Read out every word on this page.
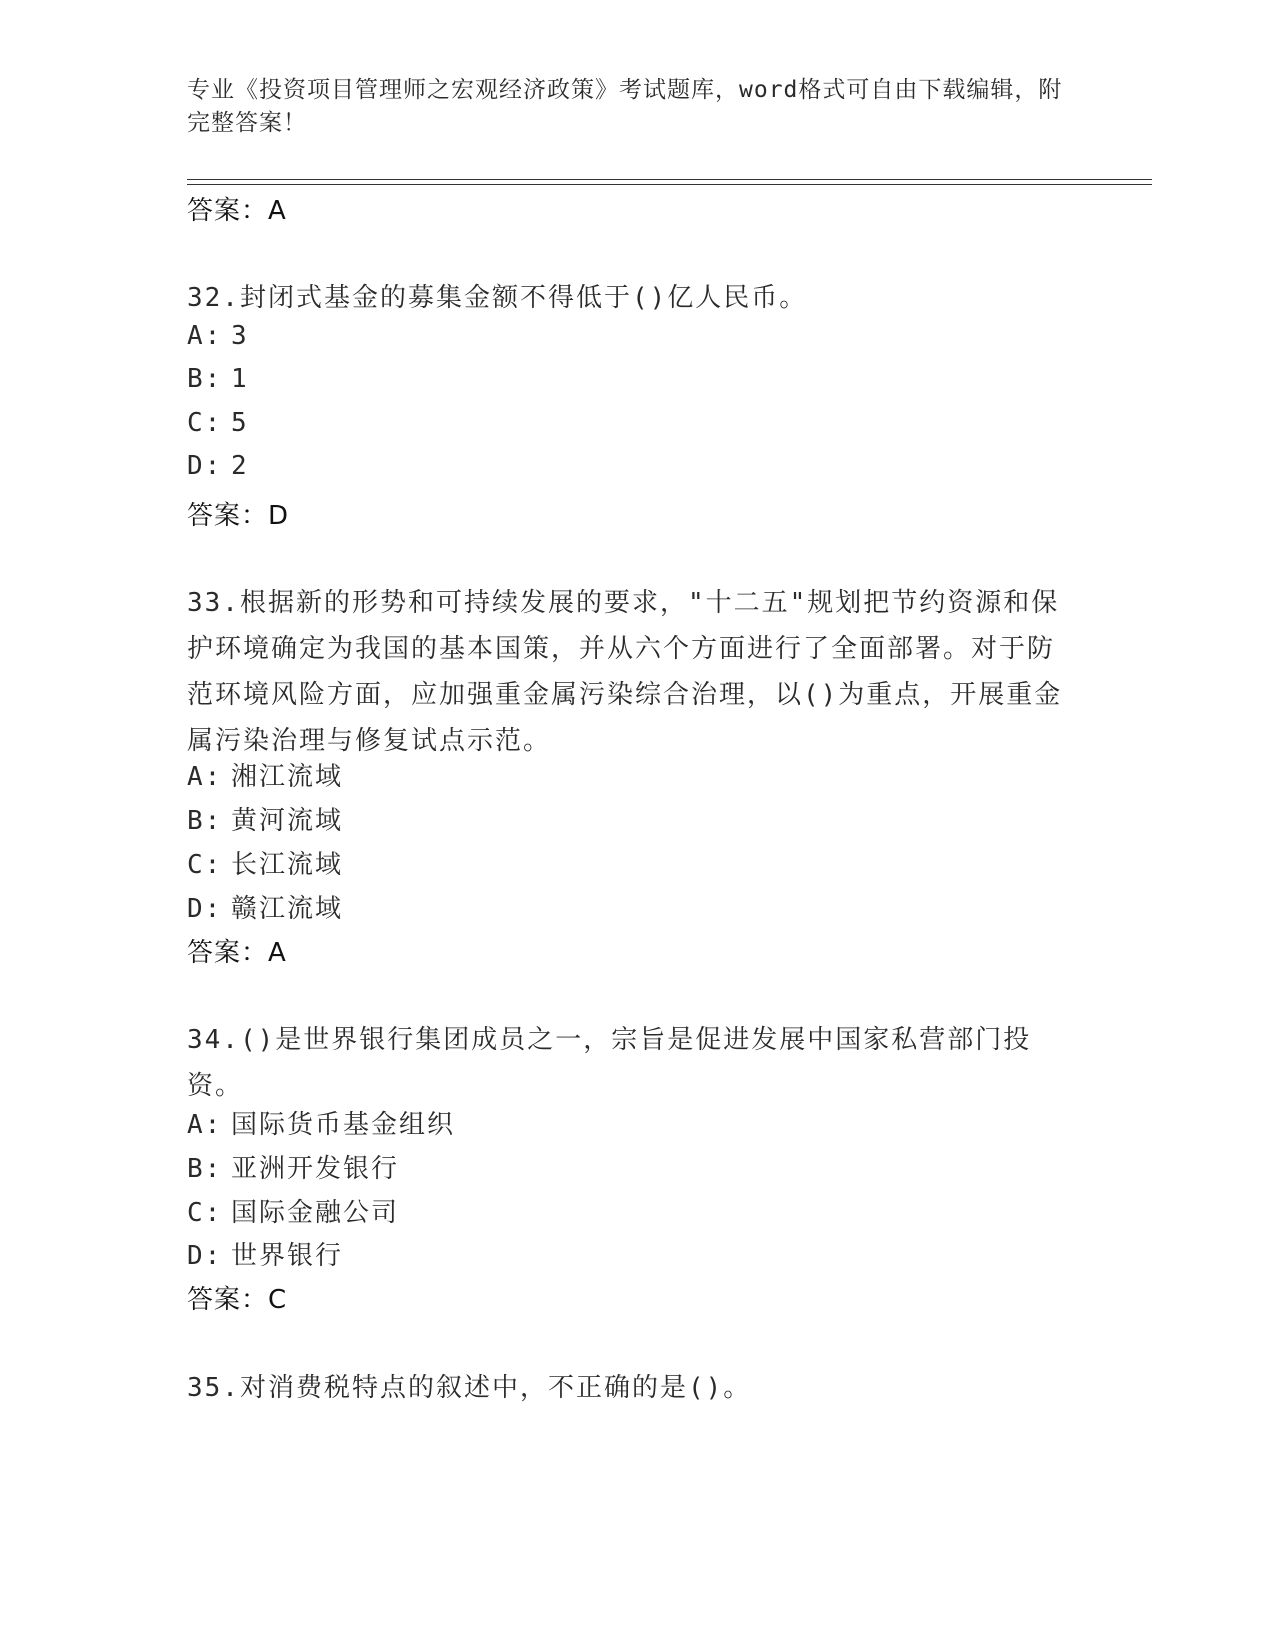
专业《投资项目管理师之宏观经济政策》考试题库，word格式可自由下载编辑，附完整答案！
答案：A
32.封闭式基金的募集金额不得低于()亿人民币。
A: 3
B: 1
C: 5
D: 2
答案：D
33.根据新的形势和可持续发展的要求，"十二五"规划把节约资源和保护环境确定为我国的基本国策，并从六个方面进行了全面部署。对于防范环境风险方面，应加强重金属污染综合治理，以()为重点，开展重金属污染治理与修复试点示范。
A: 湘江流域
B: 黄河流域
C: 长江流域
D: 赣江流域
答案：A
34.()是世界银行集团成员之一，宗旨是促进发展中国家私营部门投资。
A: 国际货币基金组织
B: 亚洲开发银行
C: 国际金融公司
D: 世界银行
答案：C
35.对消费税特点的叙述中，不正确的是()。
